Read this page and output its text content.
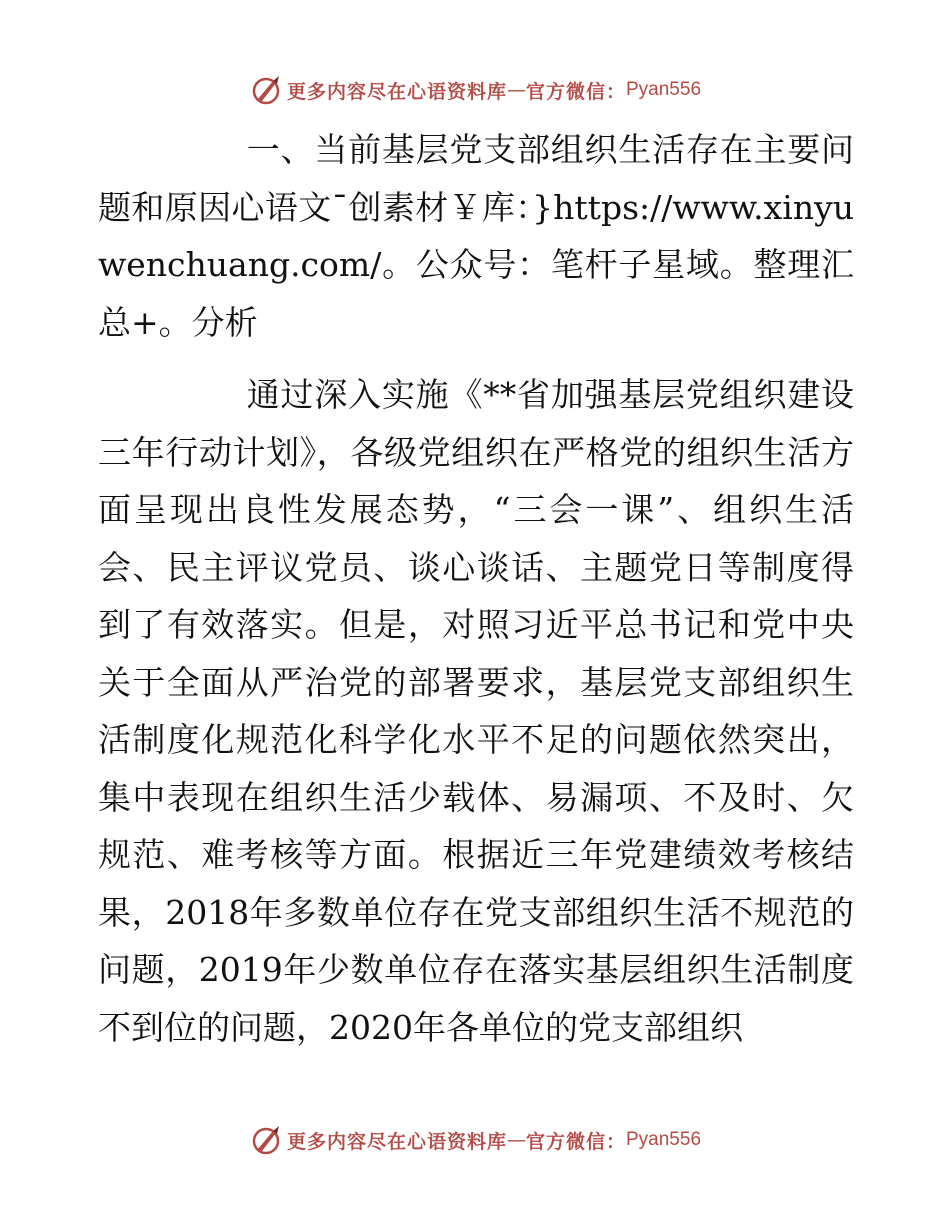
更多内容尽在心语资料库 — 官方微信： Pyan556
一、当前基层党支部组织生活存在主要问题和原因心语文¯创素材￥库：}https://www.xinyuwenchuang.com/。公众号：笔杆子星域。整理汇总+。分析
通过深入实施《**省加强基层党组织建设三年行动计划》，各级党组织在严格党的组织生活方面呈现出良性发展态势，“三会一课”、组织生活会、民主评议党员、谈心谈话、主题党日等制度得到了有效落实。但是，对照习近平总书记和党中央关于全面从严治党的部署要求，基层党支部组织生活制度化规范化科学化水平不足的问题依然突出，集中表现在组织生活少载体、易漏项、不及时、欠规范、难考核等方面。根据近三年党建绩效考核结果，2018年多数单位存在党支部组织生活不规范的问题，2019年少数单位存在落实基层组织生活制度不到位的问题，2020年各单位的党支部组织
更多内容尽在心语资料库 — 官方微信： Pyan556
